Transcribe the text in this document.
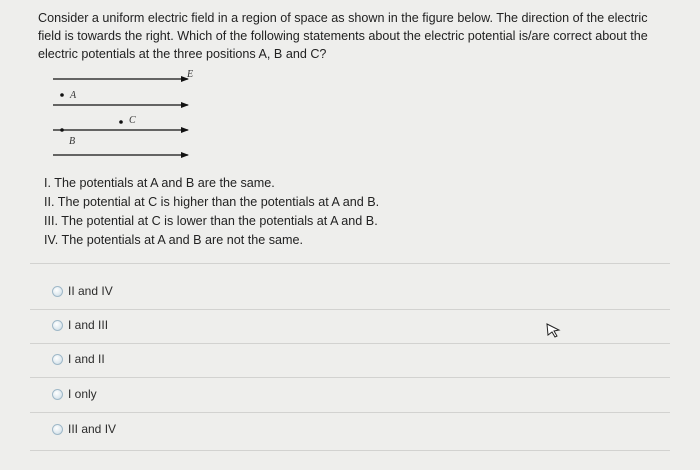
Consider a uniform electric field in a region of space as shown in the figure below. The direction of the electric field is towards the right. Which of the following statements about the electric potential is/are correct about the electric potentials at the three positions A, B and C?
E
A
C
B
I. The potentials at A and B are the same.
II. The potential at C is higher than the potentials at A and B.
III. The potential at C is lower than the potentials at A and B.
IV. The potentials at A and B are not the same.
II and IV
I and III
I and II
I only
III and IV
